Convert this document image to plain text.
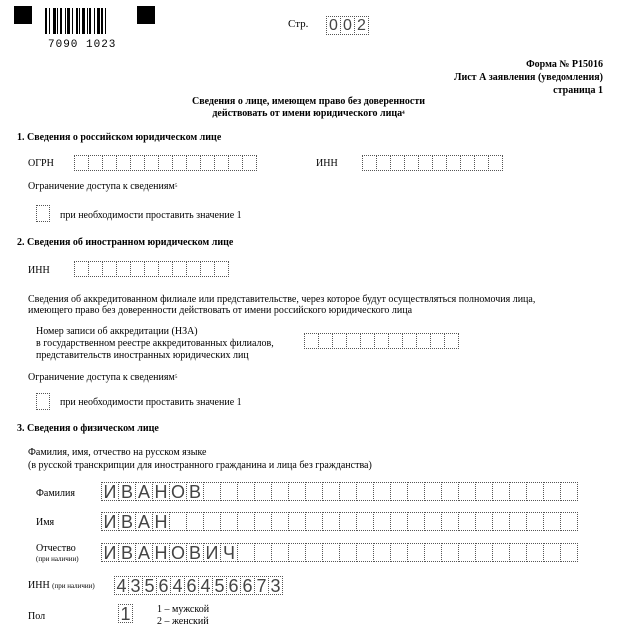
7090 1023
Стр. 0 0 2
Форма № Р15016
Лист А заявления (уведомления)
страница 1
Сведения о лице, имеющем право без доверенности
действовать от имени юридического лица$^4$
1. Сведения о российском юридическом лице
ОГРН	ИНН
Ограничение доступа к сведениям$^5$
при необходимости проставить значение 1
2. Сведения об иностранном юридическом лице
ИНН
Сведения об аккредитованном филиале или представительстве, через которое будут осуществляться полномочия лица,
имеющего право без доверенности действовать от имени российского юридического лица
Номер записи об аккредитации (НЗА)
в государственном реестре аккредитованных филиалов,
представительств иностранных юридических лиц
Ограничение доступа к сведениям$^5$
при необходимости проставить значение 1
3. Сведения о физическом лице
Фамилия, имя, отчество на русском языке
(в русской транскрипции для иностранного гражданина и лица без гражданства)
Фамилия И В А Н О В
Имя	И В А Н
Отчество
(при наличии) И В А Н О В И Ч
ИНН (при наличии) 4 3 5 6 4 6 4 5 6 6 7 3
Пол	1	1 – мужской
2 – женский
